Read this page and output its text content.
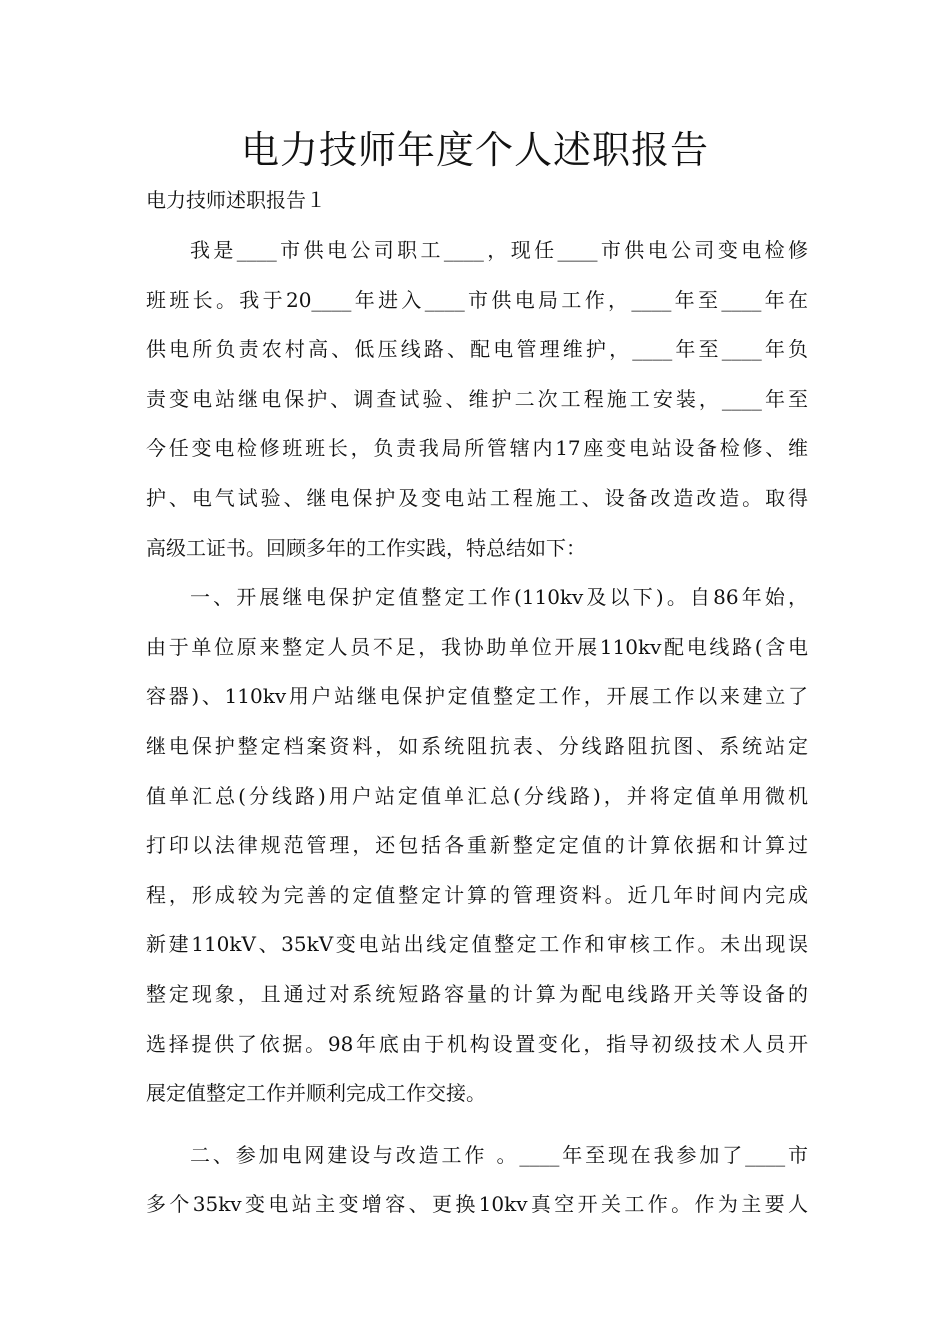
电力技师年度个人述职报告

电力技师述职报告１

我是____市供电公司职工____，现任____市供电公司变电检修
班班长。我于20____年进入____市供电局工作，____年至____年在
供电所负责农村高、低压线路、配电管理维护，____年至____年负
责变电站继电保护、调查试验、维护二次工程施工安装，____年至
今任变电检修班班长，负责我局所管辖内17座变电站设备检修、维
护、电气试验、继电保护及变电站工程施工、设备改造改造。取得
高级工证书。回顾多年的工作实践，特总结如下：
一、开展继电保护定值整定工作(110kv及以下)。自86年始，
由于单位原来整定人员不足，我协助单位开展110kv配电线路(含电
容器)、110kv用户站继电保护定值整定工作，开展工作以来建立了
继电保护整定档案资料，如系统阻抗表、分线路阻抗图、系统站定
值单汇总(分线路)用户站定值单汇总(分线路)，并将定值单用微机
打印以法律规范管理，还包括各重新整定定值的计算依据和计算过
程，形成较为完善的定值整定计算的管理资料。近几年时间内完成
新建110kV、35kV变电站出线定值整定工作和审核工作。未出现误
整定现象，且通过对系统短路容量的计算为配电线路开关等设备的
选择提供了依据。98年底由于机构设置变化，指导初级技术人员开
展定值整定工作并顺利完成工作交接。
二、参加电网建设与改造工作 。____年至现在我参加了____市
多个35kv变电站主变增容、更换10kv真空开关工作。作为主要人
